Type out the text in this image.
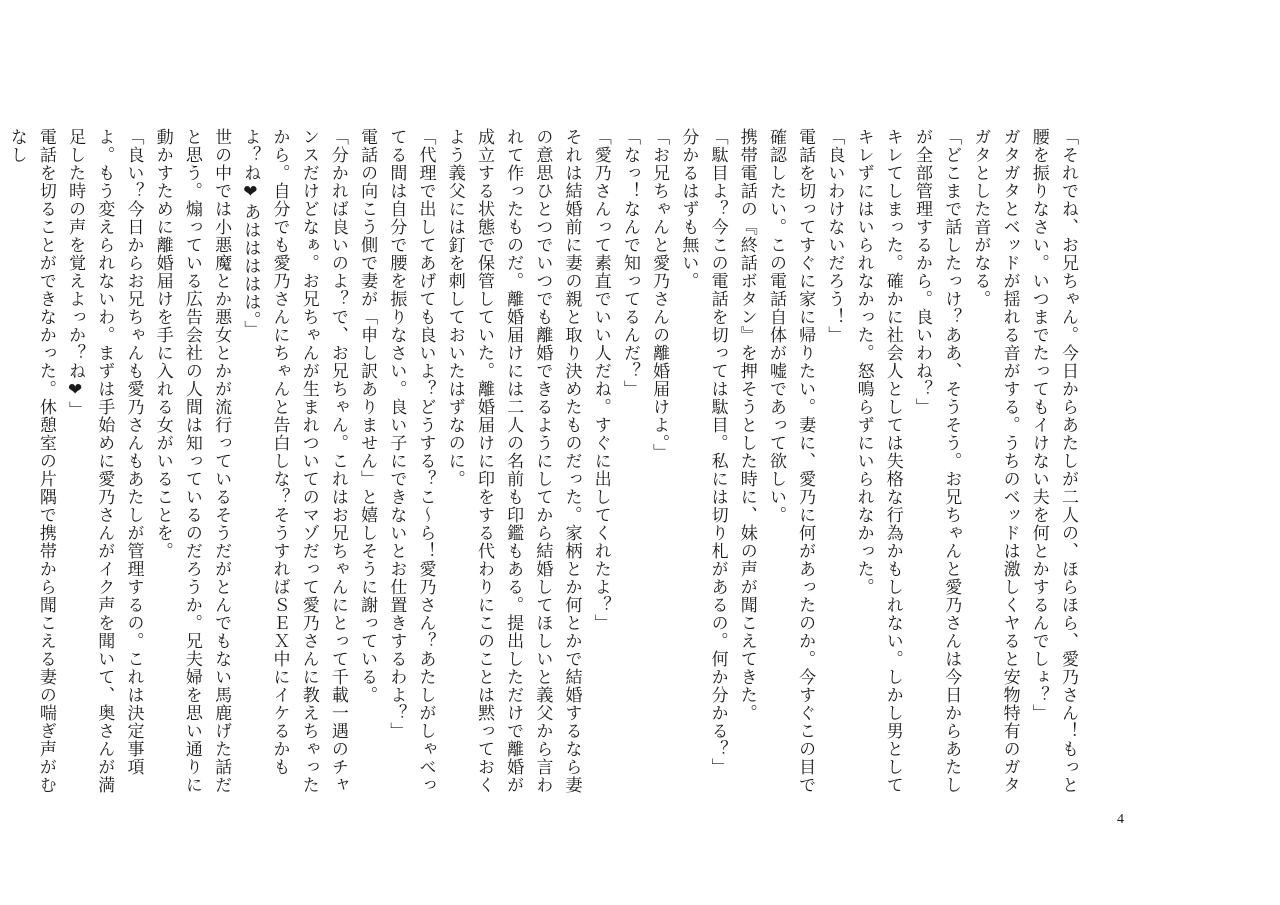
「それでね、お兄ちゃん。今日からあたしが二人の、ほらほら、愛乃さん！もっと腰を振りなさい。いつまでたってもイけない夫を何とかするんでしょ？」

ガタガタとベッドが揺れる音がする。うちのベッドは激しくヤると安物特有のガタガタとした音がなる。

「どこまで話したっけ？ああ、そうそう。お兄ちゃんと愛乃さんは今日からあたしが全部管理するから。良いわね？」

キレてしまった。確かに社会人としては失格な行為かもしれない。しかし男としてキレずにはいられなかった。怒鳴らずにいられなかった。

「良いわけないだろう！」

電話を切ってすぐに家に帰りたい。妻に、愛乃に何があったのか。今すぐこの目で確認したい。この電話自体が嘘であって欲しい。

携帯電話の『終話ボタン』を押そうとした時に、妹の声が聞こえてきた。

「駄目よ？今この電話を切っては駄目。私には切り札があるの。何か分かる？」

分かるはずも無い。

「お兄ちゃんと愛乃さんの離婚届けよ。」

「なっ！なんで知ってるんだ？」

「愛乃さんって素直でいい人だね。すぐに出してくれたよ？」

それは結婚前に妻の親と取り決めたものだった。家柄とか何とかで結婚するなら妻の意思ひとつでいつでも離婚できるようにしてから結婚してほしいと義父から言われて作ったものだ。離婚届けには二人の名前も印鑑もある。提出しただけで離婚が成立する状態で保管していた。離婚届けに印をする代わりにこのことは黙っておくよう義父には釘を刺しておいたはずなのに。

「代理で出してあげても良いよ？どうする？こ～ら！愛乃さん？あたしがしゃべってる間は自分で腰を振りなさい。良い子にできないとお仕置きするわよ？」

電話の向こう側で妻が「申し訳ありません」と嬉しそうに謝っている。

「分かれば良いのよ？で、お兄ちゃん。これはお兄ちゃんにとって千載一遇のチャンスだけどなぁ。お兄ちゃんが生まれついてのマゾだって愛乃さんに教えちゃったから。自分でも愛乃さんにちゃんと告白しな？そうすればＳＥＸ中にイケるかもよ？ね❤あははははは。」

世の中では小悪魔とか悪女とかが流行っているそうだがとんでもない馬鹿げた話だと思う。煽っている広告会社の人間は知っているのだろうか。兄夫婦を思い通りに動かすために離婚届けを手に入れる女がいることを。

「良い？今日からお兄ちゃんも愛乃さんもあたしが管理するの。これは決定事項よ。もう変えられないわ。まずは手始めに愛乃さんがイク声を聞いて、奥さんが満足した時の声を覚えよっか？ね❤」

電話を切ることができなかった。休憩室の片隅で携帯から聞こえる妻の喘ぎ声がむなし

4
